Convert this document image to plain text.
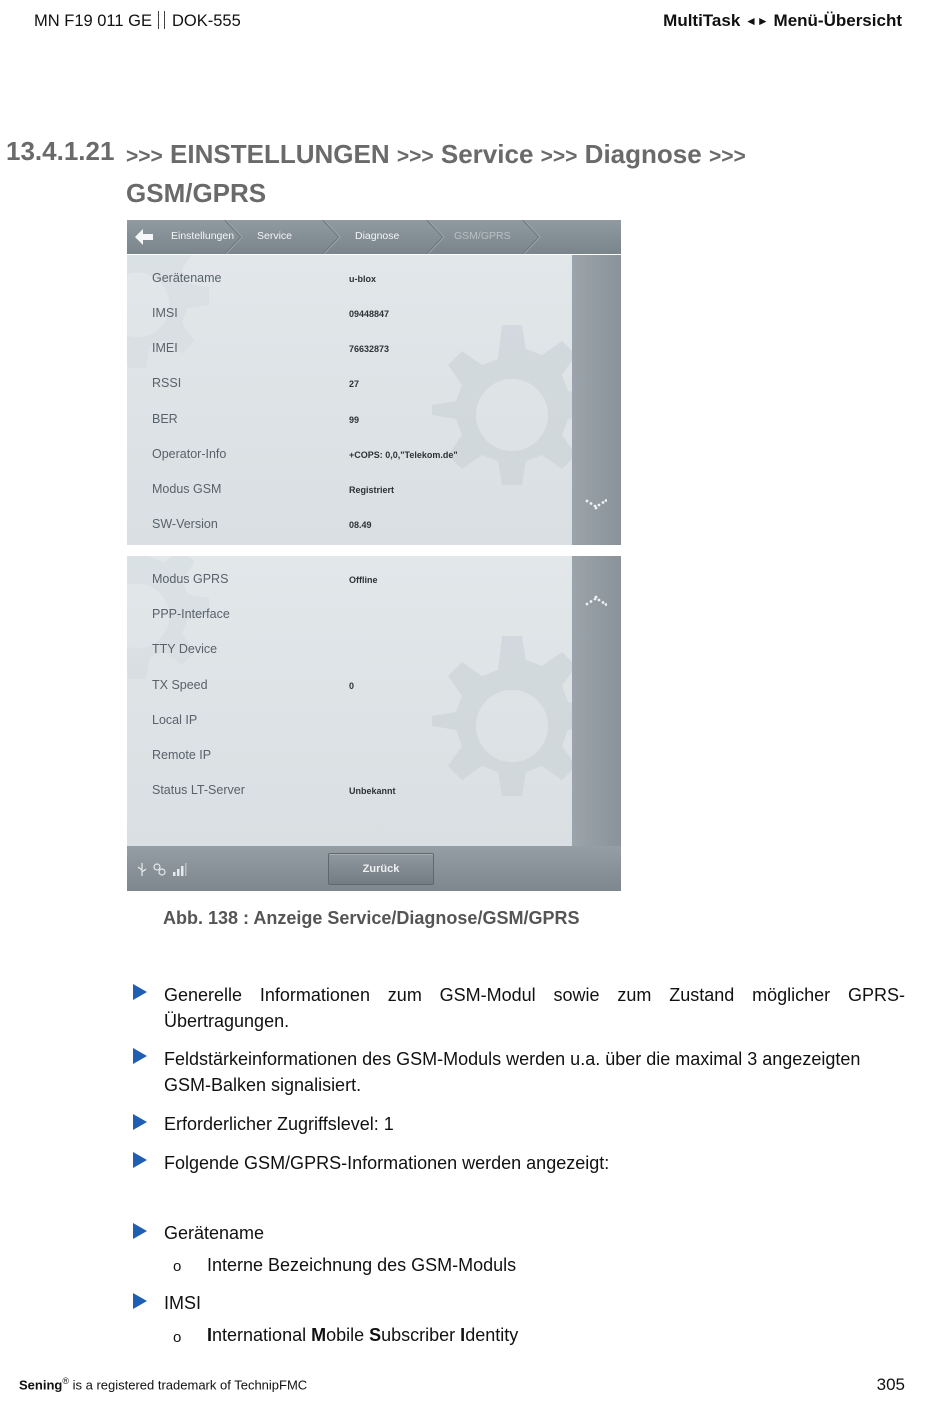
MN F19 011 GE DOK-555	MultiTask ◄► Menü-Übersicht
13.4.1.21 >>> EINSTELLUNGEN >>> Service >>> Diagnose >>>
GSM/GPRS
Einstellungen Service	Diagnose	GSM/GPRS
Gerätename	u-blox
IMSI	09448847
IMEI	76632873
RSSI	27
BER	99
Operator-Info	+COPS: 0,0,"Telekom.de"
Modus GSM	Registriert
SW-Version	08.49
Modus GPRS	Offline
PPP-Interface
TTY Device
TX Speed	0
Local IP
Remote IP
Status LT-Server	Unbekannt
Zurück
Abb. 138 : Anzeige Service/Diagnose/GSM/GPRS
Generelle Informationen zum GSM-Modul sowie zum Zustand möglicher GPRS-Übertragungen.
Feldstärkeinformationen des GSM-Moduls werden u.a. über die maximal 3 angezeigten GSM-Balken signalisiert.
Erforderlicher Zugriffslevel: 1
Folgende GSM/GPRS-Informationen werden angezeigt:
Gerätename
o Interne Bezeichnung des GSM-Moduls
IMSI
o International Mobile Subscriber Identity
Sening® is a registered trademark of TechnipFMC	305
